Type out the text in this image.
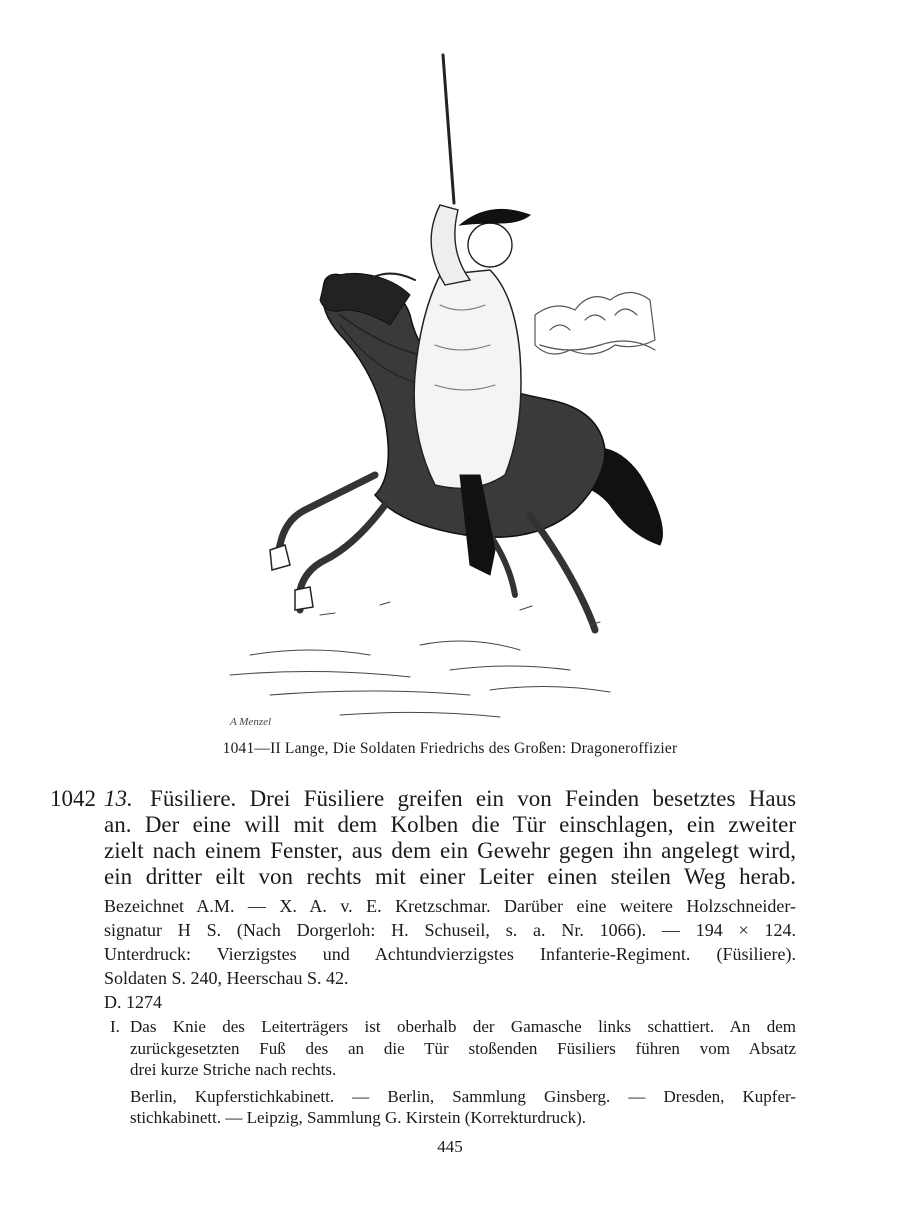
A Menzel
1041—II Lange, Die Soldaten Friedrichs des Großen: Dragoneroffizier
1042 13. Füsiliere. Drei Füsiliere greifen ein von Feinden besetztes Haus
an. Der eine will mit dem Kolben die Tür einschlagen, ein zweiter
zielt nach einem Fenster, aus dem ein Gewehr gegen ihn angelegt wird,
ein dritter eilt von rechts mit einer Leiter einen steilen Weg herab.
Bezeichnet A.M. — X. A. v. E. Kretzschmar. Darüber eine weitere Holzschneider-
signatur H S. (Nach Dorgerloh: H. Schuseil, s. a. Nr. 1066). — 194 × 124.
Unterdruck: Vierzigstes und Achtundvierzigstes Infanterie-Regiment. (Füsiliere).
Soldaten S. 240, Heerschau S. 42.
D. 1274
I. Das Knie des Leiterträgers ist oberhalb der Gamasche links schattiert. An dem
zurückgesetzten Fuß des an die Tür stoßenden Füsiliers führen vom Absatz
drei kurze Striche nach rechts.
Berlin, Kupferstichkabinett. — Berlin, Sammlung Ginsberg. — Dresden, Kupfer-
stichkabinett. — Leipzig, Sammlung G. Kirstein (Korrekturdruck).
445
